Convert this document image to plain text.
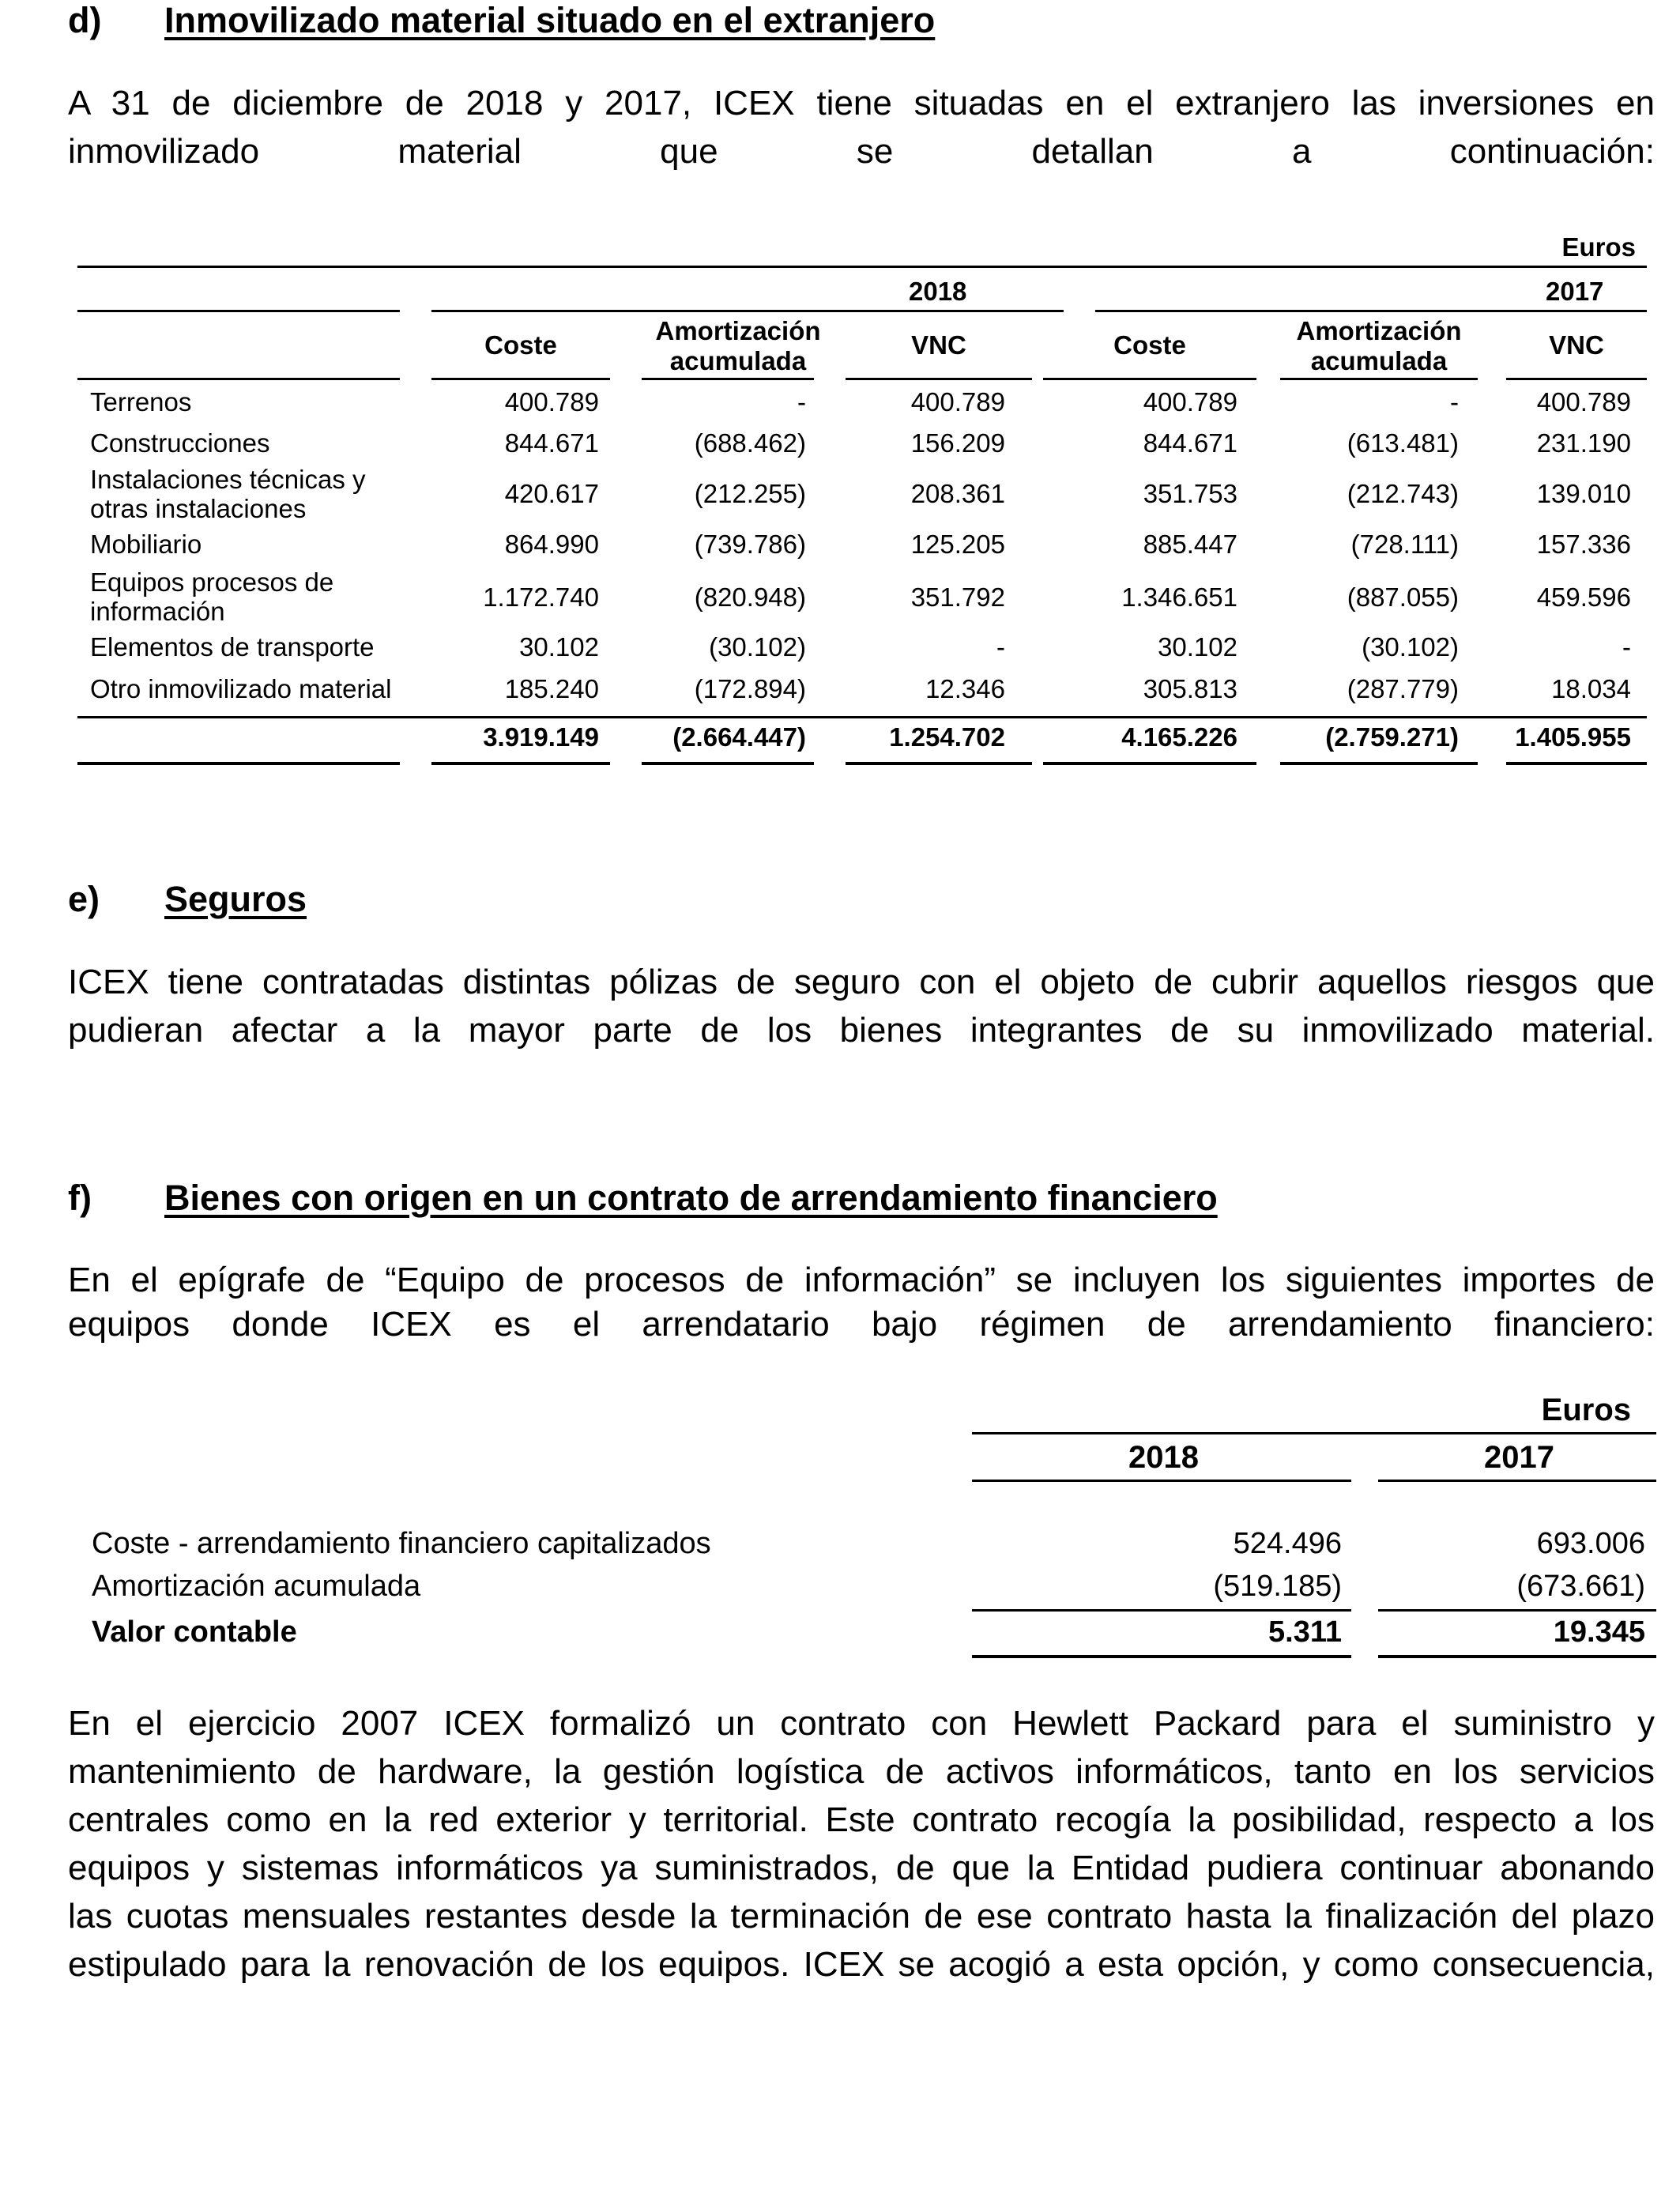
d) Inmovilizado material situado en el extranjero
A 31 de diciembre de 2018 y 2017, ICEX tiene situadas en el extranjero las inversiones en
inmovilizado material que se detallan a continuación:
Euros
2018	2017
Coste	Amortización
acumulada
VNC	Coste	Amortización
acumulada
VNC
Terrenos	400.789	-	400.789	400.789	-	400.789
Construcciones	844.671	(688.462)	156.209	844.671	(613.481)	231.190
Instalaciones técnicas y
otras instalaciones
420.617	(212.255)	208.361	351.753	(212.743)	139.010
Mobiliario	864.990	(739.786)	125.205	885.447	(728.111)	157.336
Equipos procesos de
información	1.172.740	(820.948)	351.792	1.346.651	(887.055)	459.596
Elementos de transporte	30.102	(30.102)	-	30.102	(30.102)	-
Otro inmovilizado material	185.240	(172.894)	12.346	305.813	(287.779)	18.034
3.919.149	(2.664.447)	1.254.702	4.165.226	(2.759.271) 1.405.955
e) Seguros
ICEX tiene contratadas distintas pólizas de seguro con el objeto de cubrir aquellos riesgos que
pudieran afectar a la mayor parte de los bienes integrantes de su inmovilizado material.
f) Bienes con origen en un contrato de arrendamiento financiero
En el epígrafe de “Equipo de procesos de información” se incluyen los siguientes importes de
equipos donde ICEX es el arrendatario bajo régimen de arrendamiento financiero:
Euros
2018	2017
Coste - arrendamiento financiero capitalizados	524.496	693.006
Amortización acumulada	(519.185)	(673.661)
Valor contable	5.311	19.345
En el ejercicio 2007 ICEX formalizó un contrato con Hewlett Packard para el suministro y
mantenimiento de hardware, la gestión logística de activos informáticos, tanto en los servicios
centrales como en la red exterior y territorial. Este contrato recogía la posibilidad, respecto a los
equipos y sistemas informáticos ya suministrados, de que la Entidad pudiera continuar abonando
las cuotas mensuales restantes desde la terminación de ese contrato hasta la finalización del plazo
estipulado para la renovación de los equipos. ICEX se acogió a esta opción, y como consecuencia,
